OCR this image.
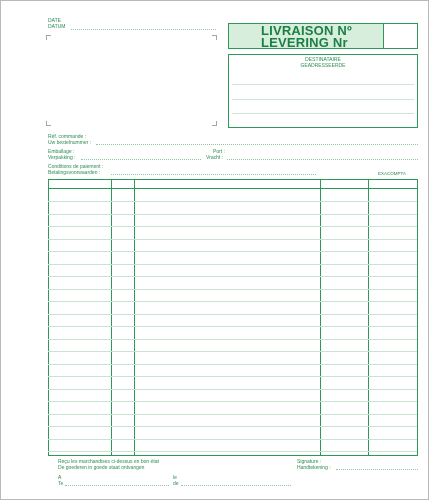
DATE
DATUM	LIVRAISON Nº
LEVERING Nr
DESTINATAIRE
GEADRESSEERDE
Réf. commande :
Uw bestelnummer :
Emballage :
Verpakking :
Port :
Vracht :
Conditions de paiement :
Betalingsvoorwaarden :	EXACOMPTA
Reçu les marchandises ci-dessus en bon état
De goederen in goede staat ontvangen
Signature :
Handtekening :
A
Te
le
de
